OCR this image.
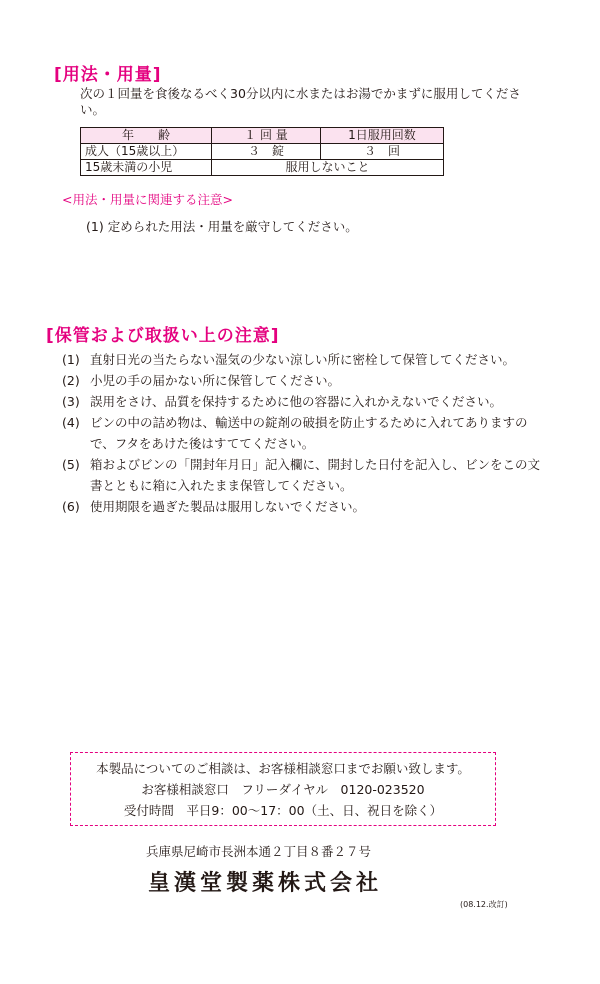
[用法・用量]
次の１回量を食後なるべく30分以内に水またはお湯でかまずに服用してください。
年　　齢	１ 回 量	1日服用回数
成人（15歳以上）	３　錠	３　回
15歳未満の小児	服用しないこと	
<用法・用量に関連する注意>
(1) 定められた用法・用量を厳守してください。
[保管および取扱い上の注意]
(1) 直射日光の当たらない湿気の少ない涼しい所に密栓して保管してください。
(2) 小児の手の届かない所に保管してください。
(3) 誤用をさけ、品質を保持するために他の容器に入れかえないでください。
(4) ビンの中の詰め物は、輸送中の錠剤の破損を防止するために入れてありますので、フタをあけた後はすててください。
(5) 箱およびビンの「開封年月日」記入欄に、開封した日付を記入し、ビンをこの文書とともに箱に入れたまま保管してください。
(6) 使用期限を過ぎた製品は服用しないでください。
本製品についてのご相談は、お客様相談窓口までお願い致します。
お客様相談窓口　フリーダイヤル　0120-023520
受付時間　平日9：00〜17：00（土、日、祝日を除く）
兵庫県尼崎市長洲本通２丁目８番２７号
皇漢堂製薬株式会社
(08.12.改訂)
